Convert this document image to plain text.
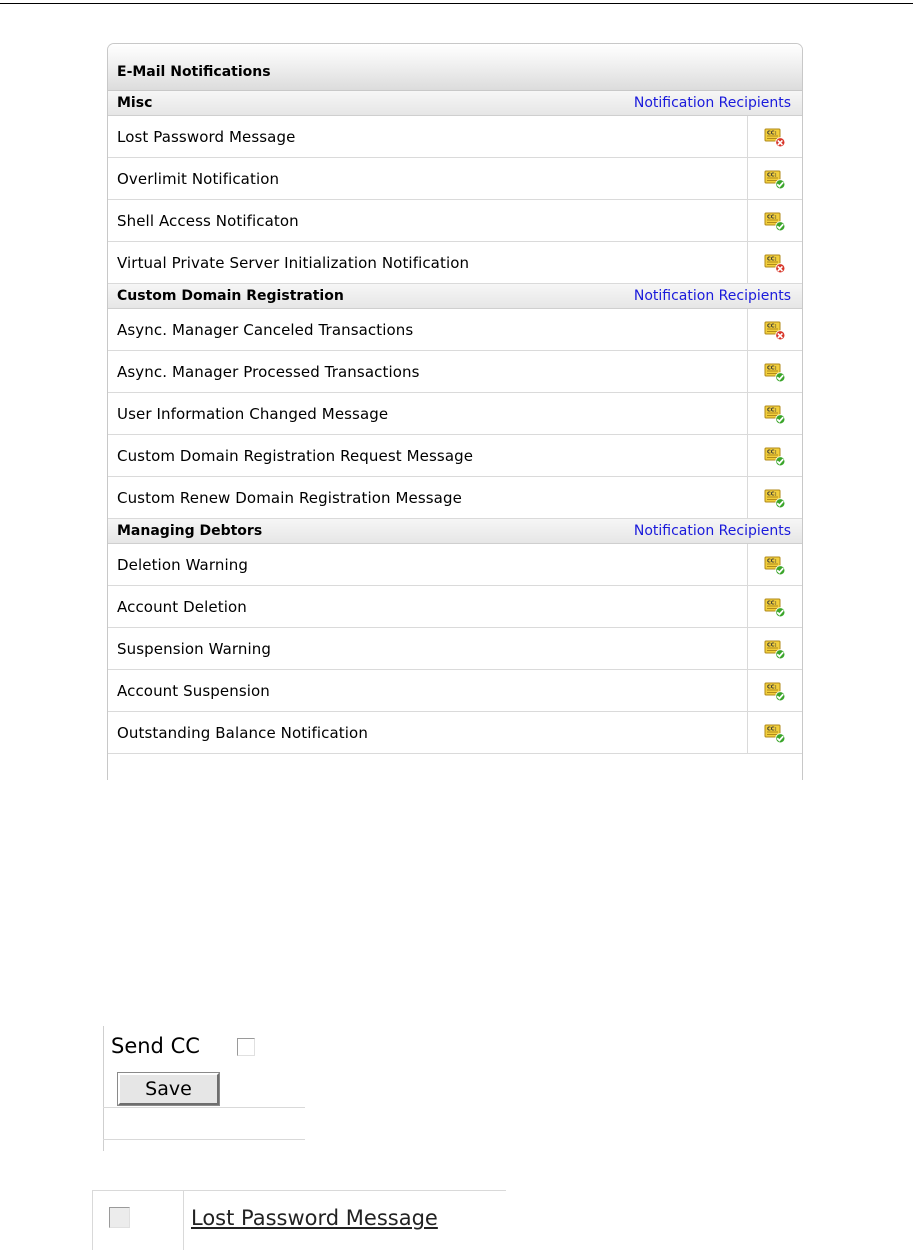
E-Mail Notifications
Misc	Notification Recipients
Lost Password Message	CC:
Overlimit Notification	CC:
Shell Access Notificaton	CC:
Virtual Private Server Initialization Notification	CC:
Custom Domain Registration	Notification Recipients
Async. Manager Canceled Transactions	CC:
Async. Manager Processed Transactions	CC:
User Information Changed Message	CC:
Custom Domain Registration Request Message	CC:
Custom Renew Domain Registration Message	CC:
Managing Debtors	Notification Recipients
Deletion Warning	CC:
Account Deletion	CC:
Suspension Warning	CC:
Account Suspension	CC:
Outstanding Balance Notification	CC:
Send CC
Save
Lost Password Message
